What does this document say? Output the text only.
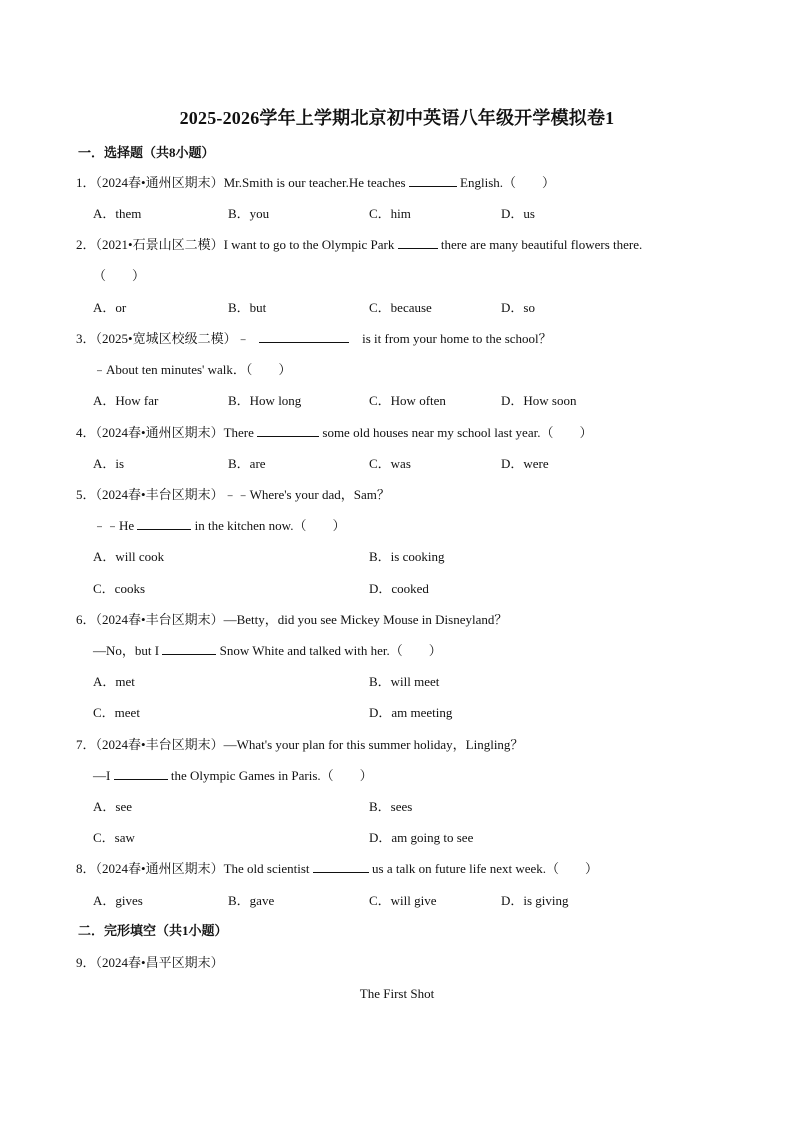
2025-2026学年上学期北京初中英语八年级开学模拟卷1
一．选择题（共8小题）
1．（2024春•通州区期末）Mr.Smith is our teacher.He teaches	English.（　　）
A．them	B．you	C．him	D．us
2．（2021•石景山区二模）I want to go to the Olympic Park	there are many beautiful flowers there.
（　　）
A．or	B．but	C．because	D．so
3．（2025•宽城区校级二模）﹣	is it from your home to the school？
﹣About ten minutes' walk．（　　）
A．How far	B．How long	C．How often	D．How soon
4．（2024春•通州区期末）There	some old houses near my school last year.（　　）
A．is	B．are	C．was	D．were
5．（2024春•丰台区期末）﹣﹣Where's your dad，Sam？
﹣﹣He	in the kitchen now.（　　）
A．will cook	B．is cooking
C．cooks	D．cooked
6．（2024春•丰台区期末）—Betty，did you see Mickey Mouse in Disneyland？
—No，but I	Snow White and talked with her.（　　）
A．met	B．will meet
C．meet	D．am meeting
7．（2024春•丰台区期末）—What's your plan for this summer holiday，Lingling？
—I	the Olympic Games in Paris.（　　）
A．see	B．sees
C．saw	D．am going to see
8．（2024春•通州区期末）The old scientist	us a talk on future life next week.（　　）
A．gives	B．gave	C．will give	D．is giving
二．完形填空（共1小题）
9．（2024春•昌平区期末）
The First Shot
